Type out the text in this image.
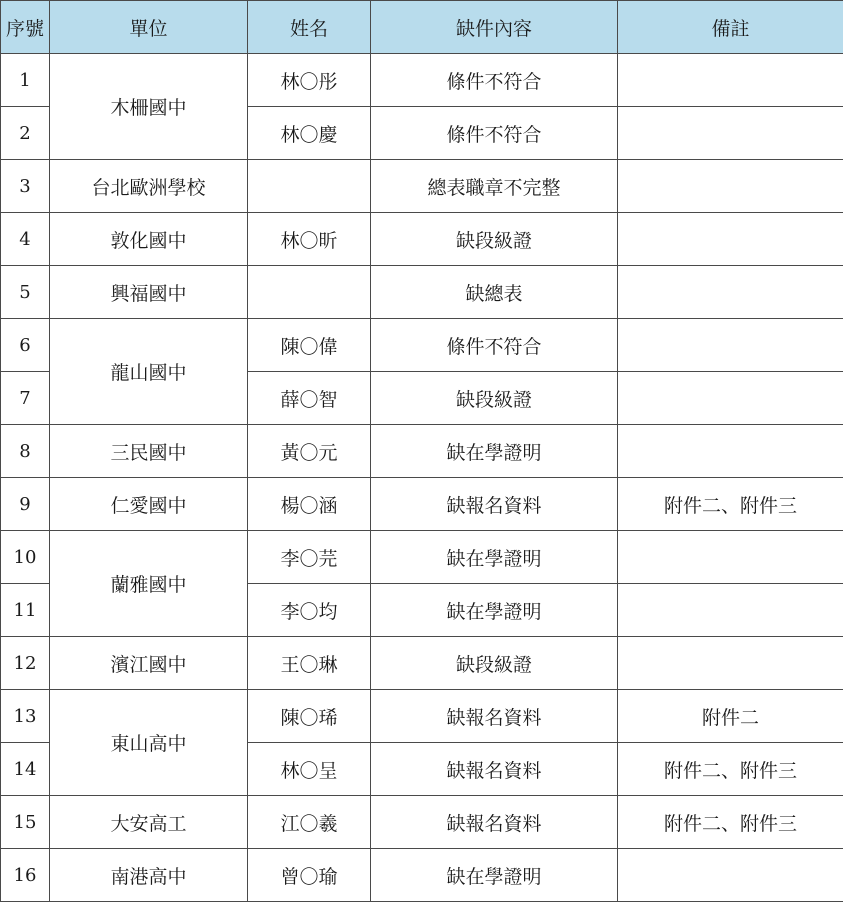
序號	單位	姓名	缺件內容	備註
1	木柵國中	林〇彤	條件不符合	
2		林〇慶	條件不符合	
3	台北歐洲學校		總表職章不完整	
4	敦化國中	林〇昕	缺段級證	
5	興福國中		缺總表	
6	龍山國中	陳〇偉	條件不符合	
7		薛〇智	缺段級證	
8	三民國中	黃〇元	缺在學證明	
9	仁愛國中	楊〇涵	缺報名資料	附件二、附件三
10	蘭雅國中	李〇芫	缺在學證明	
11		李〇均	缺在學證明	
12	濱江國中	王〇琳	缺段級證	
13	東山高中	陳〇琋	缺報名資料	附件二
14		林〇呈	缺報名資料	附件二、附件三
15	大安高工	江〇羲	缺報名資料	附件二、附件三
16	南港高中	曾〇瑜	缺在學證明	
